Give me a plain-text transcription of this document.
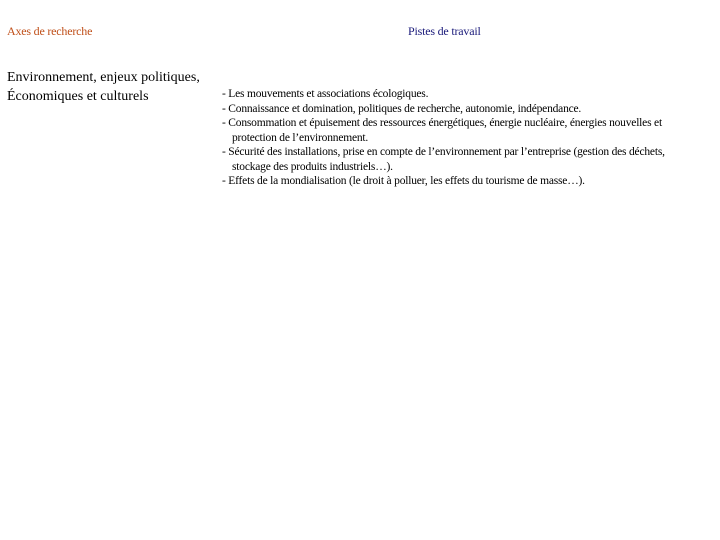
Axes de recherche	Pistes de travail
Environnement, enjeux politiques,
Économiques et culturels	- Les mouvements et associations écologiques.
- Connaissance et domination, politiques de recherche, autonomie, indépendance.
- Consommation et épuisement des ressources énergétiques, énergie nucléaire, énergies nouvelles et protection de l’environnement.
- Sécurité des installations, prise en compte de l’environnement par l’entreprise (gestion des déchets, stockage des produits industriels…).
- Effets de la mondialisation (le droit à polluer, les effets du tourisme de masse…).
